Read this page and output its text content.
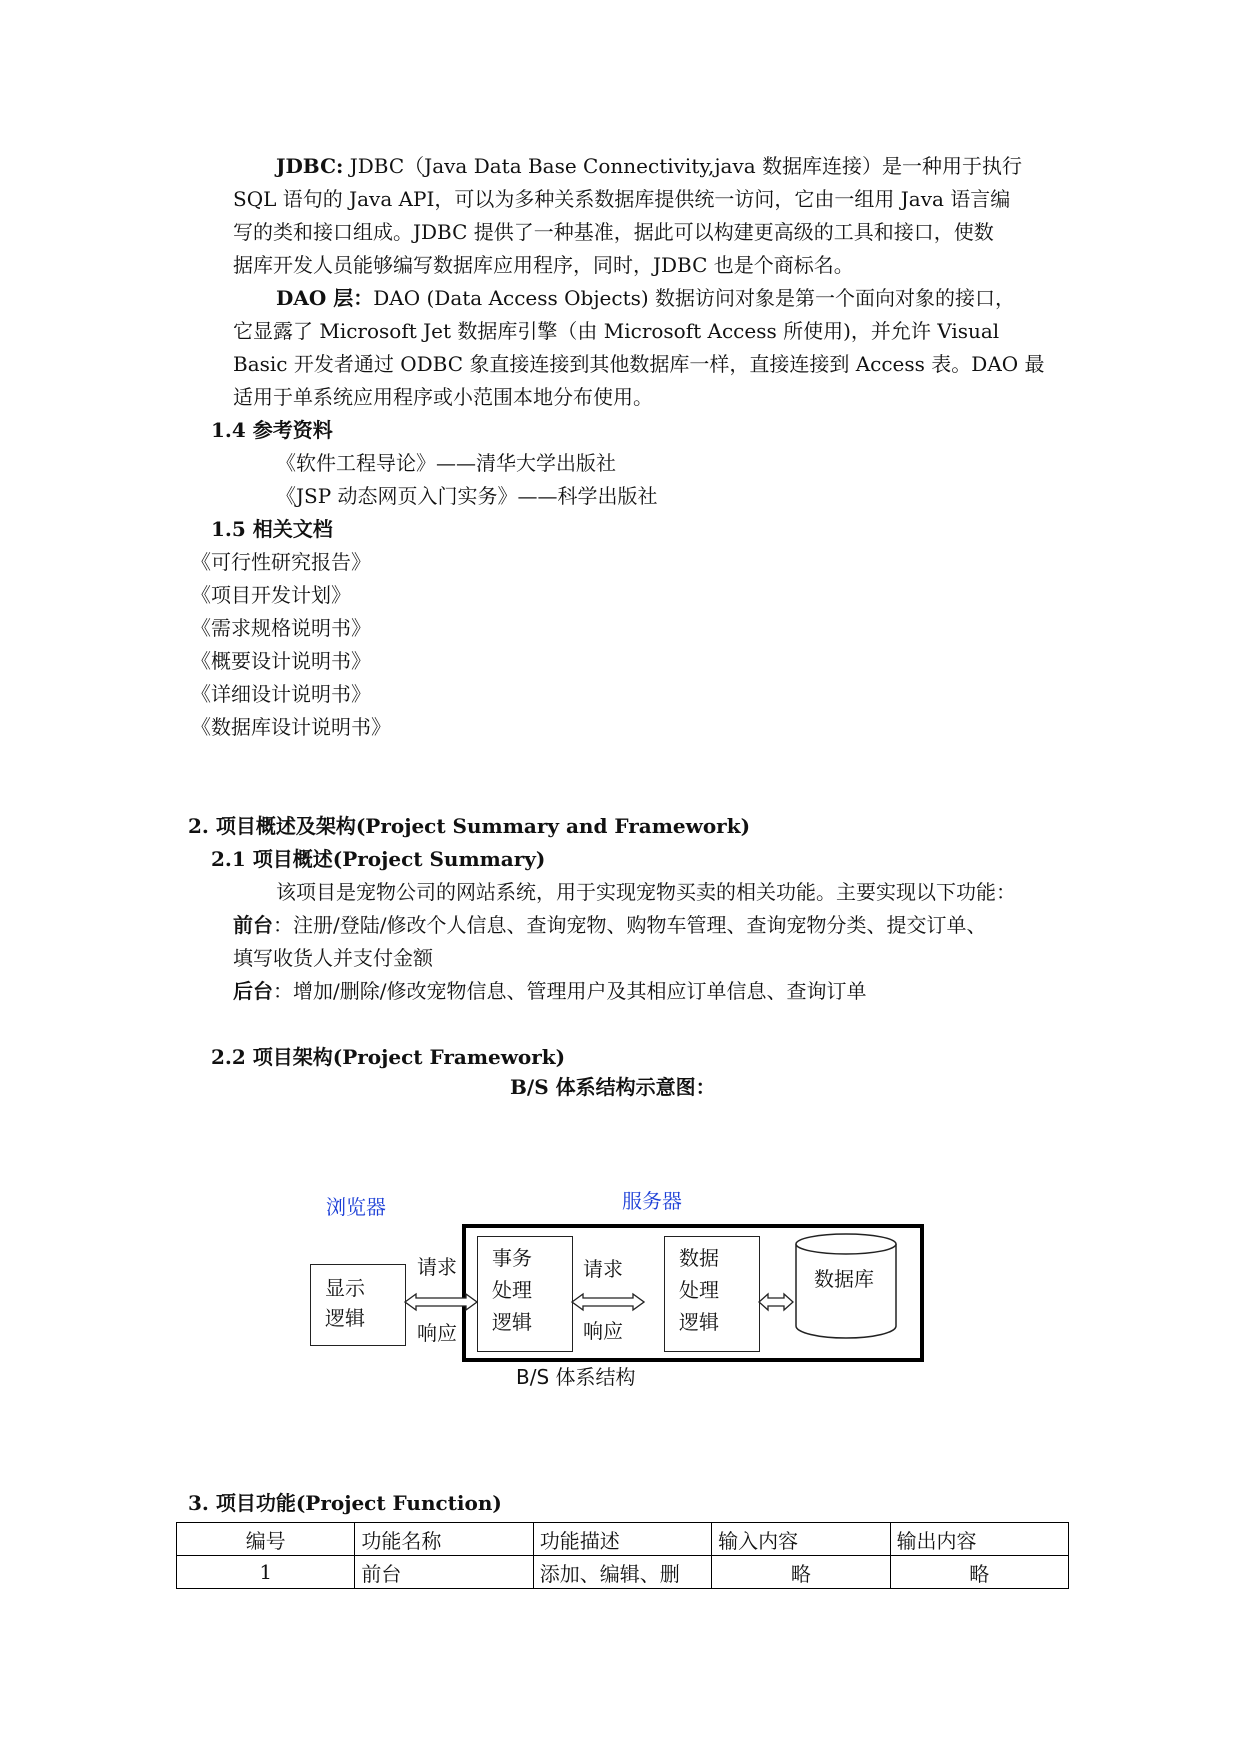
JDBC: JDBC（Java Data Base Connectivity,java 数据库连接）是一种用于执行
SQL 语句的 Java API，可以为多种关系数据库提供统一访问，它由一组用 Java 语言编
写的类和接口组成。JDBC 提供了一种基准，据此可以构建更高级的工具和接口，使数
据库开发人员能够编写数据库应用程序，同时，JDBC 也是个商标名。
DAO 层：DAO (Data Access Objects) 数据访问对象是第一个面向对象的接口，
它显露了 Microsoft Jet 数据库引擎（由 Microsoft Access 所使用)，并允许 Visual
Basic 开发者通过 ODBC 象直接连接到其他数据库一样，直接连接到 Access 表。DAO 最
适用于单系统应用程序或小范围本地分布使用。
1.4 参考资料
《软件工程导论》——清华大学出版社
《JSP 动态网页入门实务》——科学出版社
1.5 相关文档
《可行性研究报告》
《项目开发计划》
《需求规格说明书》
《概要设计说明书》
《详细设计说明书》
《数据库设计说明书》
2. 项目概述及架构(Project Summary and Framework)
2.1 项目概述(Project Summary)
该项目是宠物公司的网站系统，用于实现宠物买卖的相关功能。主要实现以下功能：
前台：注册/登陆/修改个人信息、查询宠物、购物车管理、查询宠物分类、提交订单、
填写收货人并支付金额
后台：增加/删除/修改宠物信息、管理用户及其相应订单信息、查询订单
2.2 项目架构(Project Framework)
B/S 体系结构示意图：
浏览器	服务器
显示
逻辑
事务
处理
逻辑
数据
处理
逻辑
请求
响应
请求
响应
数据库
B/S 体系结构
3. 项目功能(Project Function)
编号	功能名称	功能描述	输入内容	输出内容
1	前台	添加、编辑、删	略	略
